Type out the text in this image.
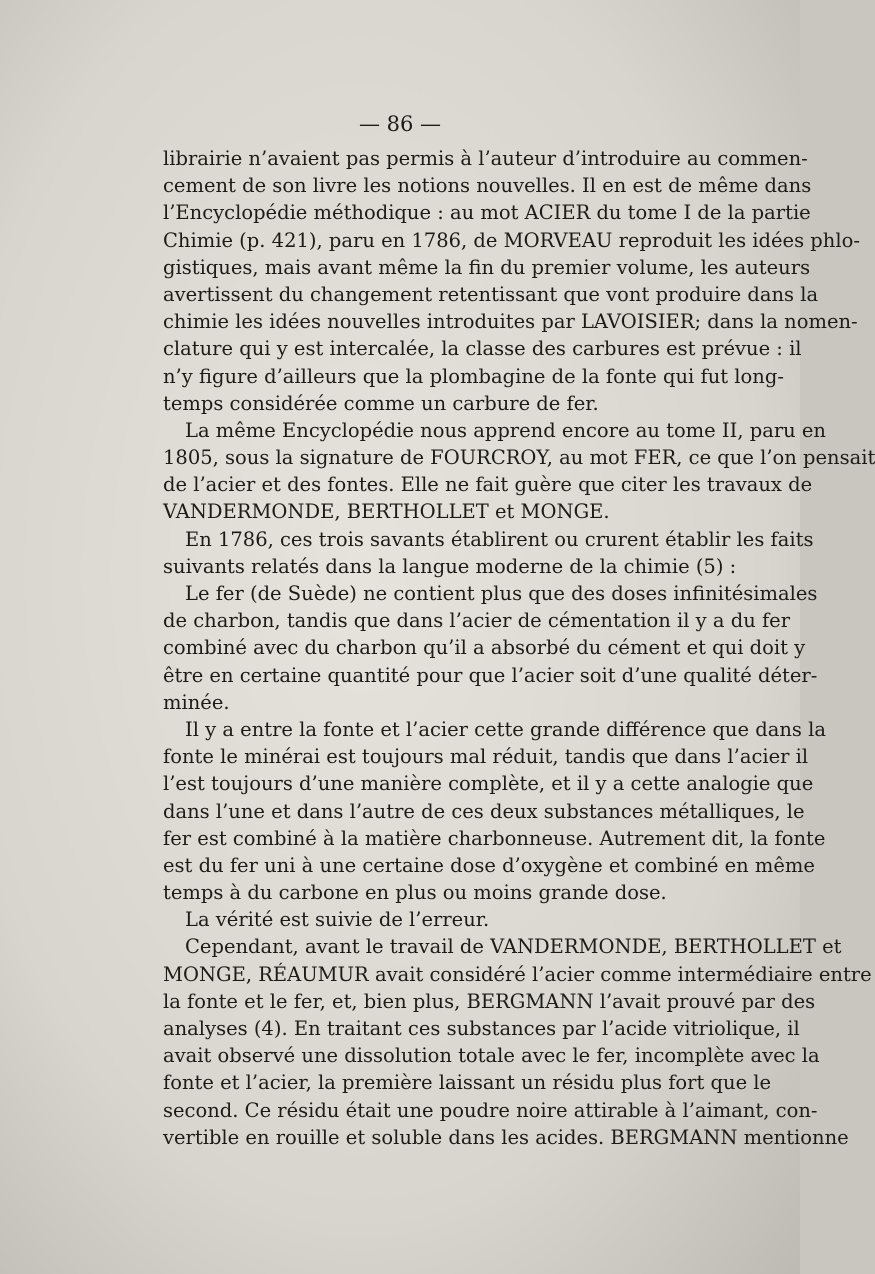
— 86 —
librairie n’avaient pas permis à l’auteur d’introduire au commen-
cement de son livre les notions nouvelles. Il en est de même dans
l’Encyclopédie méthodique : au mot ACIER du tome I de la partie
Chimie (p. 421), paru en 1786, de MORVEAU reproduit les idées phlo-
gistiques, mais avant même la fin du premier volume, les auteurs
avertissent du changement retentissant que vont produire dans la
chimie les idées nouvelles introduites par LAVOISIER; dans la nomen-
clature qui y est intercalée, la classe des carbures est prévue : il
n’y figure d’ailleurs que la plombagine de la fonte qui fut long-
temps considérée comme un carbure de fer.
La même Encyclopédie nous apprend encore au tome II, paru en
1805, sous la signature de FOURCROY, au mot FER, ce que l’on pensait
de l’acier et des fontes. Elle ne fait guère que citer les travaux de
VANDERMONDE, BERTHOLLET et MONGE.
En 1786, ces trois savants établirent ou crurent établir les faits
suivants relatés dans la langue moderne de la chimie (5) :
Le fer (de Suède) ne contient plus que des doses infinitésimales
de charbon, tandis que dans l’acier de cémentation il y a du fer
combiné avec du charbon qu’il a absorbé du cément et qui doit y
être en certaine quantité pour que l’acier soit d’une qualité déter-
minée.
Il y a entre la fonte et l’acier cette grande différence que dans la
fonte le minérai est toujours mal réduit, tandis que dans l’acier il
l’est toujours d’une manière complète, et il y a cette analogie que
dans l’une et dans l’autre de ces deux substances métalliques, le
fer est combiné à la matière charbonneuse. Autrement dit, la fonte
est du fer uni à une certaine dose d’oxygène et combiné en même
temps à du carbone en plus ou moins grande dose.
La vérité est suivie de l’erreur.
Cependant, avant le travail de VANDERMONDE, BERTHOLLET et
MONGE, RÉAUMUR avait considéré l’acier comme intermédiaire entre
la fonte et le fer, et, bien plus, BERGMANN l’avait prouvé par des
analyses (4). En traitant ces substances par l’acide vitriolique, il
avait observé une dissolution totale avec le fer, incomplète avec la
fonte et l’acier, la première laissant un résidu plus fort que le
second. Ce résidu était une poudre noire attirable à l’aimant, con-
vertible en rouille et soluble dans les acides. BERGMANN mentionne
